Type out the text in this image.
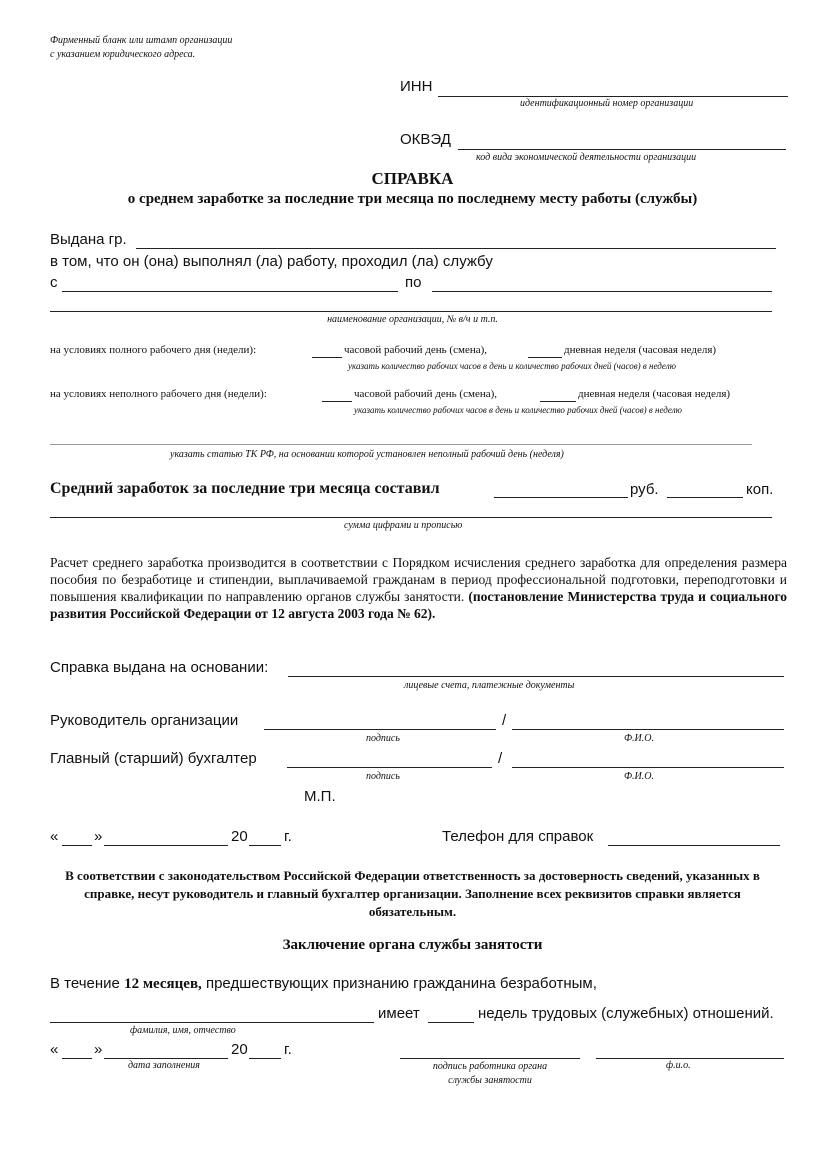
Фирменный бланк или штамп организации
с указанием юридического адреса.
ИНН
идентификационный номер организации
ОКВЭД
код вида экономической деятельности организации
СПРАВКА
о среднем заработке за последние три месяца по последнему месту работы (службы)
Выдана гр.
в том, что он (она) выполнял (ла) работу, проходил (ла) службу
с	по
наименование организации, № в/ч и т.п.
на условиях полного рабочего дня (недели):	часовой рабочий день (смена),	дневная неделя (часовая неделя)
указать количество рабочих часов в день и количество рабочих дней (часов) в неделю
на условиях неполного рабочего дня (недели):	часовой рабочий день (смена),	дневная неделя (часовая неделя)
указать количество рабочих часов в день и количество рабочих дней (часов) в неделю
указать статью ТК РФ, на основании которой установлен неполный рабочий день (неделя)
Средний заработок за последние три месяца составил	руб.	коп.
сумма цифрами и прописью
Расчет среднего заработка производится в соответствии с Порядком исчисления среднего заработка для определения размера пособия по безработице и стипендии, выплачиваемой гражданам в период профессиональной подготовки, переподготовки и повышения квалификации по направлению органов службы занятости. (постановление Министерства труда и социального развития Российской Федерации от 12 августа 2003 года № 62).
Справка выдана на основании:
лицевые счета, платежные документы
Руководитель организации	/
подпись	Ф.И.О.
Главный (старший) бухгалтер	/
подпись	Ф.И.О.
М.П.
« »	20 г.	Телефон для справок
В соответствии с законодательством Российской Федерации ответственность за достоверность сведений, указанных в справке, несут руководитель и главный бухгалтер организации. Заполнение всех реквизитов справки является обязательным.
Заключение органа службы занятости
В течение 12 месяцев, предшествующих признанию гражданина безработным,
имеет	недель трудовых (служебных) отношений.
фамилия, имя, отчество
« »	20 г.
дата заполнения	подпись работника органа
службы занятости
ф.и.о.
